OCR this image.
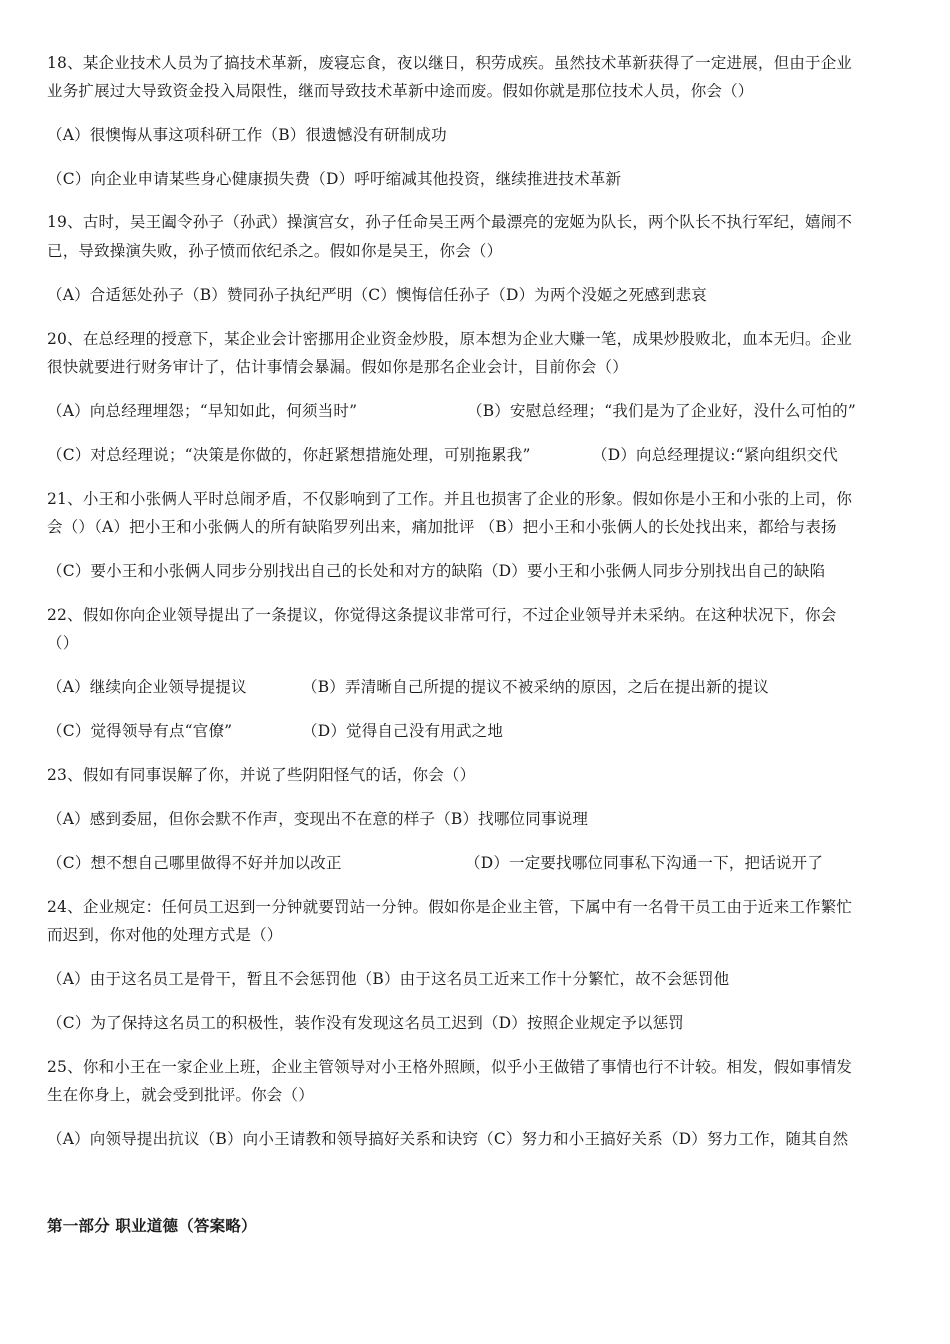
18、某企业技术人员为了搞技术革新，废寝忘食，夜以继日，积劳成疾。虽然技术革新获得了一定进展，但由于企业
业务扩展过大导致资金投入局限性，继而导致技术革新中途而废。假如你就是那位技术人员，你会（）
（A）很懊悔从事这项科研工作（B）很遗憾没有研制成功
（C）向企业申请某些身心健康损失费（D）呼吁缩减其他投资，继续推进技术革新
19、古时，吴王阖令孙子（孙武）操演宫女，孙子任命吴王两个最漂亮的宠姬为队长，两个队长不执行军纪，嬉闹不
已，导致操演失败，孙子愤而依纪杀之。假如你是吴王，你会（）
（A）合适惩处孙子（B）赞同孙子执纪严明（C）懊悔信任孙子（D）为两个没姬之死感到悲哀
20、在总经理的授意下，某企业会计密挪用企业资金炒股，原本想为企业大赚一笔，成果炒股败北，血本无归。企业
很快就要进行财务审计了，估计事情会暴漏。假如你是那名企业会计，目前你会（）
（A）向总经理埋怨；“早知如此，何须当时”	（B）安慰总经理；“我们是为了企业好，没什么可怕的”
（C）对总经理说；“决策是你做的，你赶紧想措施处理，可别拖累我”	（D）向总经理提议:“紧向组织交代
21、小王和小张俩人平时总闹矛盾，不仅影响到了工作。并且也损害了企业的形象。假如你是小王和小张的上司，你
会（）（A）把小王和小张俩人的所有缺陷罗列出来，痛加批评 （B）把小王和小张俩人的长处找出来，都给与表扬
（C）要小王和小张俩人同步分别找出自己的长处和对方的缺陷（D）要小王和小张俩人同步分别找出自己的缺陷
22、假如你向企业领导提出了一条提议，你觉得这条提议非常可行，不过企业领导并未采纳。在这种状况下，你会
（）
（A）继续向企业领导提提议	（B）弄清晰自己所提的提议不被采纳的原因，之后在提出新的提议
（C）觉得领导有点“官僚”	（D）觉得自己没有用武之地
23、假如有同事误解了你，并说了些阴阳怪气的话，你会（）
（A）感到委屈，但你会默不作声，变现出不在意的样子（B）找哪位同事说理
（C）想不想自己哪里做得不好并加以改正	（D）一定要找哪位同事私下沟通一下，把话说开了
24、企业规定：任何员工迟到一分钟就要罚站一分钟。假如你是企业主管，下属中有一名骨干员工由于近来工作繁忙
而迟到，你对他的处理方式是（）
（A）由于这名员工是骨干，暂且不会惩罚他（B）由于这名员工近来工作十分繁忙，故不会惩罚他
（C）为了保持这名员工的积极性，装作没有发现这名员工迟到（D）按照企业规定予以惩罚
25、你和小王在一家企业上班，企业主管领导对小王格外照顾，似乎小王做错了事情也行不计较。相发，假如事情发
生在你身上，就会受到批评。你会（）
（A）向领导提出抗议（B）向小王请教和领导搞好关系和诀窍（C）努力和小王搞好关系（D）努力工作，随其自然
第一部分 职业道德（答案略）
